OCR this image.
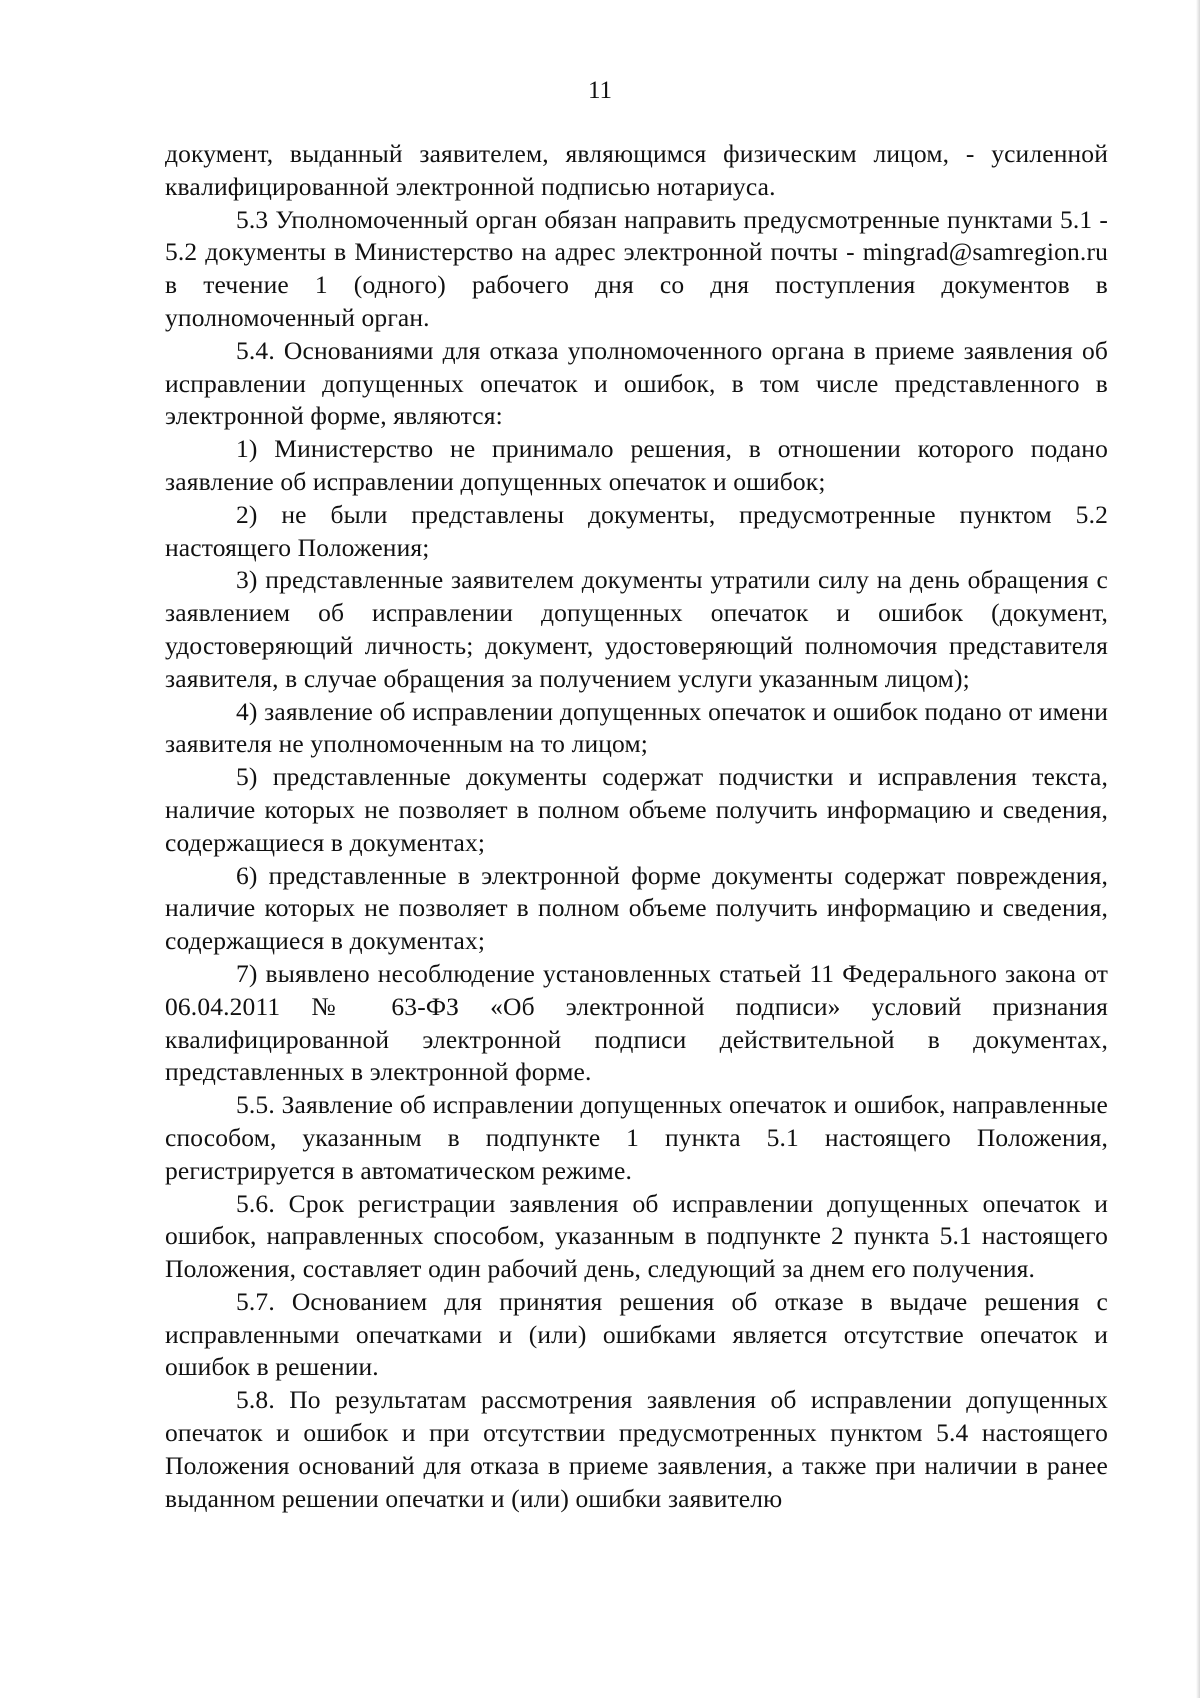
11

документ, выданный заявителем, являющимся физическим лицом, - усиленной квалифицированной электронной подписью нотариуса.

5.3 Уполномоченный орган обязан направить предусмотренные пунктами 5.1 - 5.2 документы в Министерство на адрес электронной почты - mingrad@samregion.ru в течение 1 (одного) рабочего дня со дня поступления документов в уполномоченный орган.

5.4. Основаниями для отказа уполномоченного органа в приеме заявления об исправлении допущенных опечаток и ошибок, в том числе представленного в электронной форме, являются:

1) Министерство не принимало решения, в отношении которого подано заявление об исправлении допущенных опечаток и ошибок;

2) не были представлены документы, предусмотренные пунктом 5.2 настоящего Положения;

3) представленные заявителем документы утратили силу на день обращения с заявлением об исправлении допущенных опечаток и ошибок (документ, удостоверяющий личность; документ, удостоверяющий полномочия представителя заявителя, в случае обращения за получением услуги указанным лицом);

4) заявление об исправлении допущенных опечаток и ошибок подано от имени заявителя не уполномоченным на то лицом;

5) представленные документы содержат подчистки и исправления текста, наличие которых не позволяет в полном объеме получить информацию и сведения, содержащиеся в документах;

6) представленные в электронной форме документы содержат повреждения, наличие которых не позволяет в полном объеме получить информацию и сведения, содержащиеся в документах;

7) выявлено несоблюдение установленных статьей 11 Федерального закона от 06.04.2011 № 63-ФЗ «Об электронной подписи» условий признания квалифицированной электронной подписи действительной в документах, представленных в электронной форме.

5.5. Заявление об исправлении допущенных опечаток и ошибок, направленные способом, указанным в подпункте 1 пункта 5.1 настоящего Положения, регистрируется в автоматическом режиме.

5.6. Срок регистрации заявления об исправлении допущенных опечаток и ошибок, направленных способом, указанным в подпункте 2 пункта 5.1 настоящего Положения, составляет один рабочий день, следующий за днем его получения.

5.7. Основанием для принятия решения об отказе в выдаче решения с исправленными опечатками и (или) ошибками является отсутствие опечаток и ошибок в решении.

5.8. По результатам рассмотрения заявления об исправлении допущенных опечаток и ошибок и при отсутствии предусмотренных пунктом 5.4 настоящего Положения оснований для отказа в приеме заявления, а также при наличии в ранее выданном решении опечатки и (или) ошибки заявителю
